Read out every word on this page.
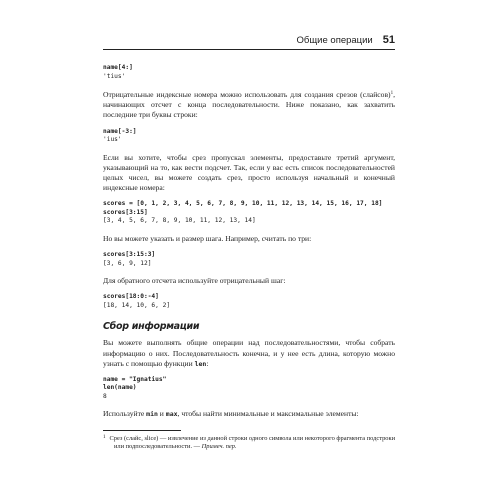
Общие операции 51
name[4:]
'tius'

Отрицательные индексные номера можно использовать для создания срезов (слайсов)$^1$, начинающих отсчет с конца последовательности. Ниже показано, как захватить последние три буквы строки:

name[-3:]
'ius'

Если вы хотите, чтобы срез пропускал элементы, предоставьте третий аргумент, указывающий на то, как вести подсчет. Так, если у вас есть список последовательностей целых чисел, вы можете создать срез, просто используя начальный и конечный индексные номера:

scores = [0, 1, 2, 3, 4, 5, 6, 7, 8, 9, 10, 11, 12, 13, 14, 15, 16, 17, 18]
scores[3:15]
[3, 4, 5, 6, 7, 8, 9, 10, 11, 12, 13, 14]

Но вы можете указать и размер шага. Например, считать по три:

scores[3:15:3]
[3, 6, 9, 12]

Для обратного отсчета используйте отрицательный шаг:

scores[18:0:-4]
[18, 14, 10, 6, 2]
Сбор информации

Вы можете выполнять общие операции над последовательностями, чтобы собрать информацию о них. Последовательность конечна, и у нее есть длина, которую можно узнать с помощью функции len:

name = "Ignatius"
len(name)
8

Используйте min и max, чтобы найти минимальные и максимальные элементы:

$^1$ Срез (слайс, slice) — извлечение из данной строки одного символа или некоторого фрагмента подстроки или подпоследовательности. — Примеч. пер.
